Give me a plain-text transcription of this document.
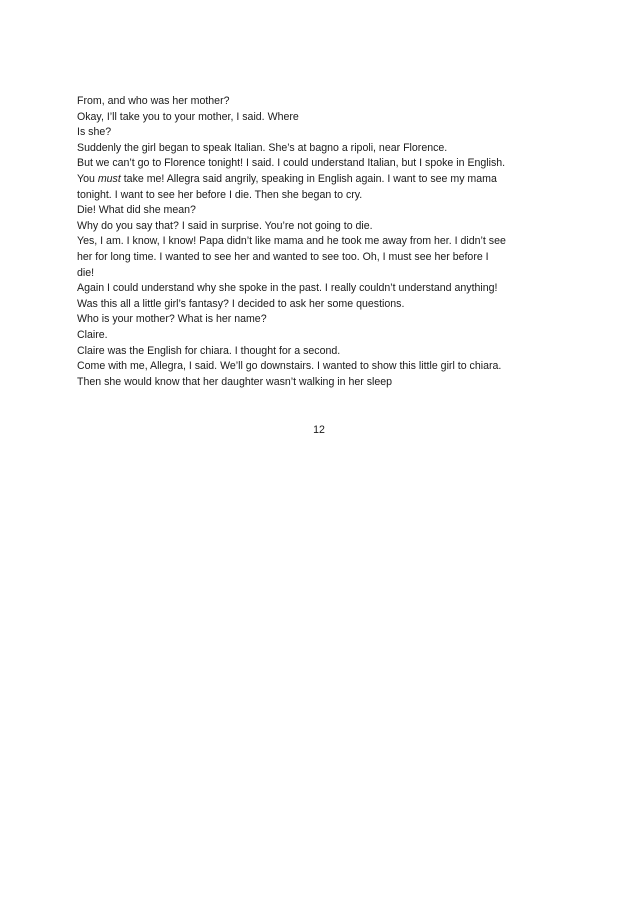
From, and who was her mother?
Okay, I’ll take you to your mother, I said. Where
Is she?
Suddenly the girl began to speak Italian. She’s at bagno a ripoli, near Florence.
But we can’t go to Florence tonight! I said. I could understand Italian, but I spoke in English.
You must take me! Allegra said angrily, speaking in English again. I want to see my mama
tonight. I want to see her before I die. Then she began to cry.
Die! What did she mean?
Why do you say that? I said in surprise. You’re not going to die.
Yes, I am. I know, I know! Papa didn’t like mama and he took me away from her. I didn’t see
her for long time. I wanted to see her and wanted to see too. Oh, I must see her before I
die!
Again I could understand why she spoke in the past. I really couldn’t understand anything!
Was this all a little girl’s fantasy? I decided to ask her some questions.
Who is your mother? What is her name?
Claire.
Claire was the English for chiara. I thought for a second.
Come with me, Allegra, I said. We’ll go downstairs. I wanted to show this little girl to chiara.
Then she would know that her daughter wasn’t walking in her sleep
12
